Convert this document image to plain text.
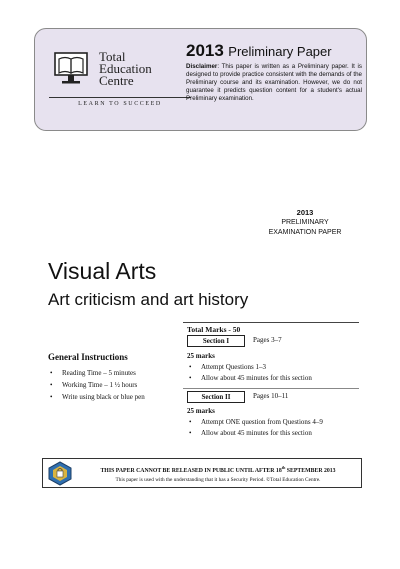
Total
Education
Centre
LEARN TO SUCCEED
2013 Preliminary Paper
Disclaimer: This paper is written as a Preliminary paper. It is designed to provide practice consistent with the demands of the Preliminary course and its examination. However, we do not guarantee it predicts question content for a student's actual Preliminary examination.
2013
PRELIMINARY
EXAMINATION PAPER
Visual Arts
Art criticism and art history
General Instructions
• Reading Time – 5 minutes
• Working Time – 1 ½ hours
• Write using black or blue pen
Total Marks - 50
Section I	Pages 3–7
25 marks
• Attempt Questions 1–3
• Allow about 45 minutes for this section
Section II	Pages 10–11
25 marks
• Attempt ONE question from Questions 4–9
• Allow about 45 minutes for this section
THIS PAPER CANNOT BE RELEASED IN PUBLIC UNTIL AFTER 18th SEPTEMBER 2013
This paper is used with the understanding that it has a Security Period. ©Total Education Centre.
